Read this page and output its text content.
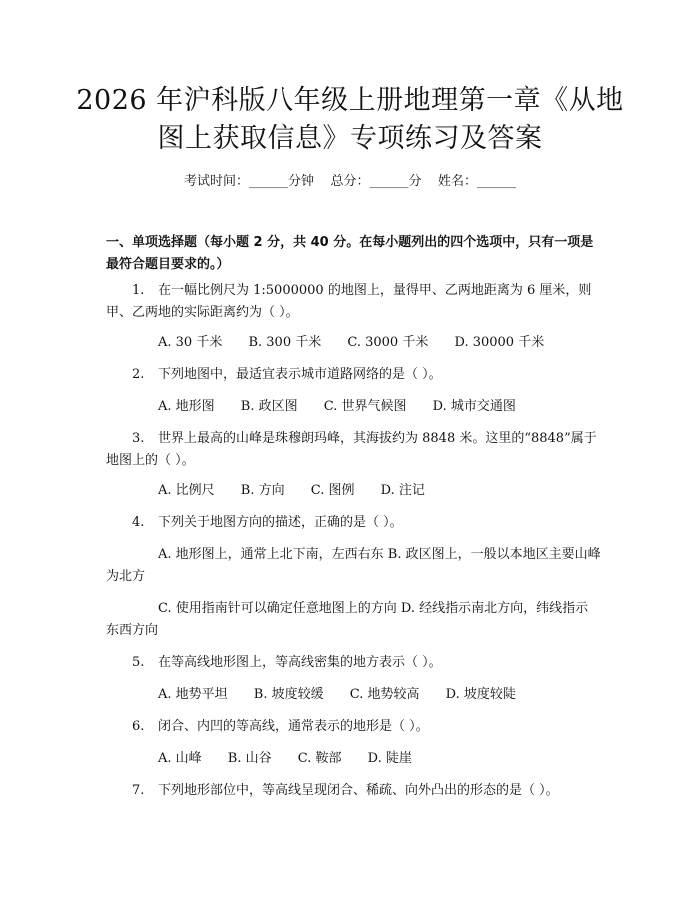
2026 年沪科版八年级上册地理第一章《从地
图上获取信息》专项练习及答案
考试时间：______分钟    总分：______分    姓名：______
一、单项选择题（每小题 2 分，共 40 分。在每小题列出的四个选项中，只有一项是最符合题目要求的。）
1. 在一幅比例尺为 1:5000000 的地图上，量得甲、乙两地距离为 6 厘米，则甲、乙两地的实际距离约为（ ）。
A. 30 千米 B. 300 千米 C. 3000 千米 D. 30000 千米
2. 下列地图中，最适宜表示城市道路网络的是（ ）。
A. 地形图 B. 政区图 C. 世界气候图 D. 城市交通图
3. 世界上最高的山峰是珠穆朗玛峰，其海拔约为 8848 米。这里的“8848”属于地图上的（ ）。
A. 比例尺 B. 方向 C. 图例 D. 注记
4. 下列关于地图方向的描述，正确的是（ ）。
A. 地形图上，通常上北下南，左西右东 B. 政区图上，一般以本地区主要山峰为北方
C. 使用指南针可以确定任意地图上的方向 D. 经线指示南北方向，纬线指示东西方向
5. 在等高线地形图上，等高线密集的地方表示（ ）。
A. 地势平坦 B. 坡度较缓 C. 地势较高 D. 坡度较陡
6. 闭合、内凹的等高线，通常表示的地形是（ ）。
A. 山峰 B. 山谷 C. 鞍部 D. 陡崖
7. 下列地形部位中，等高线呈现闭合、稀疏、向外凸出的形态的是（ ）。
